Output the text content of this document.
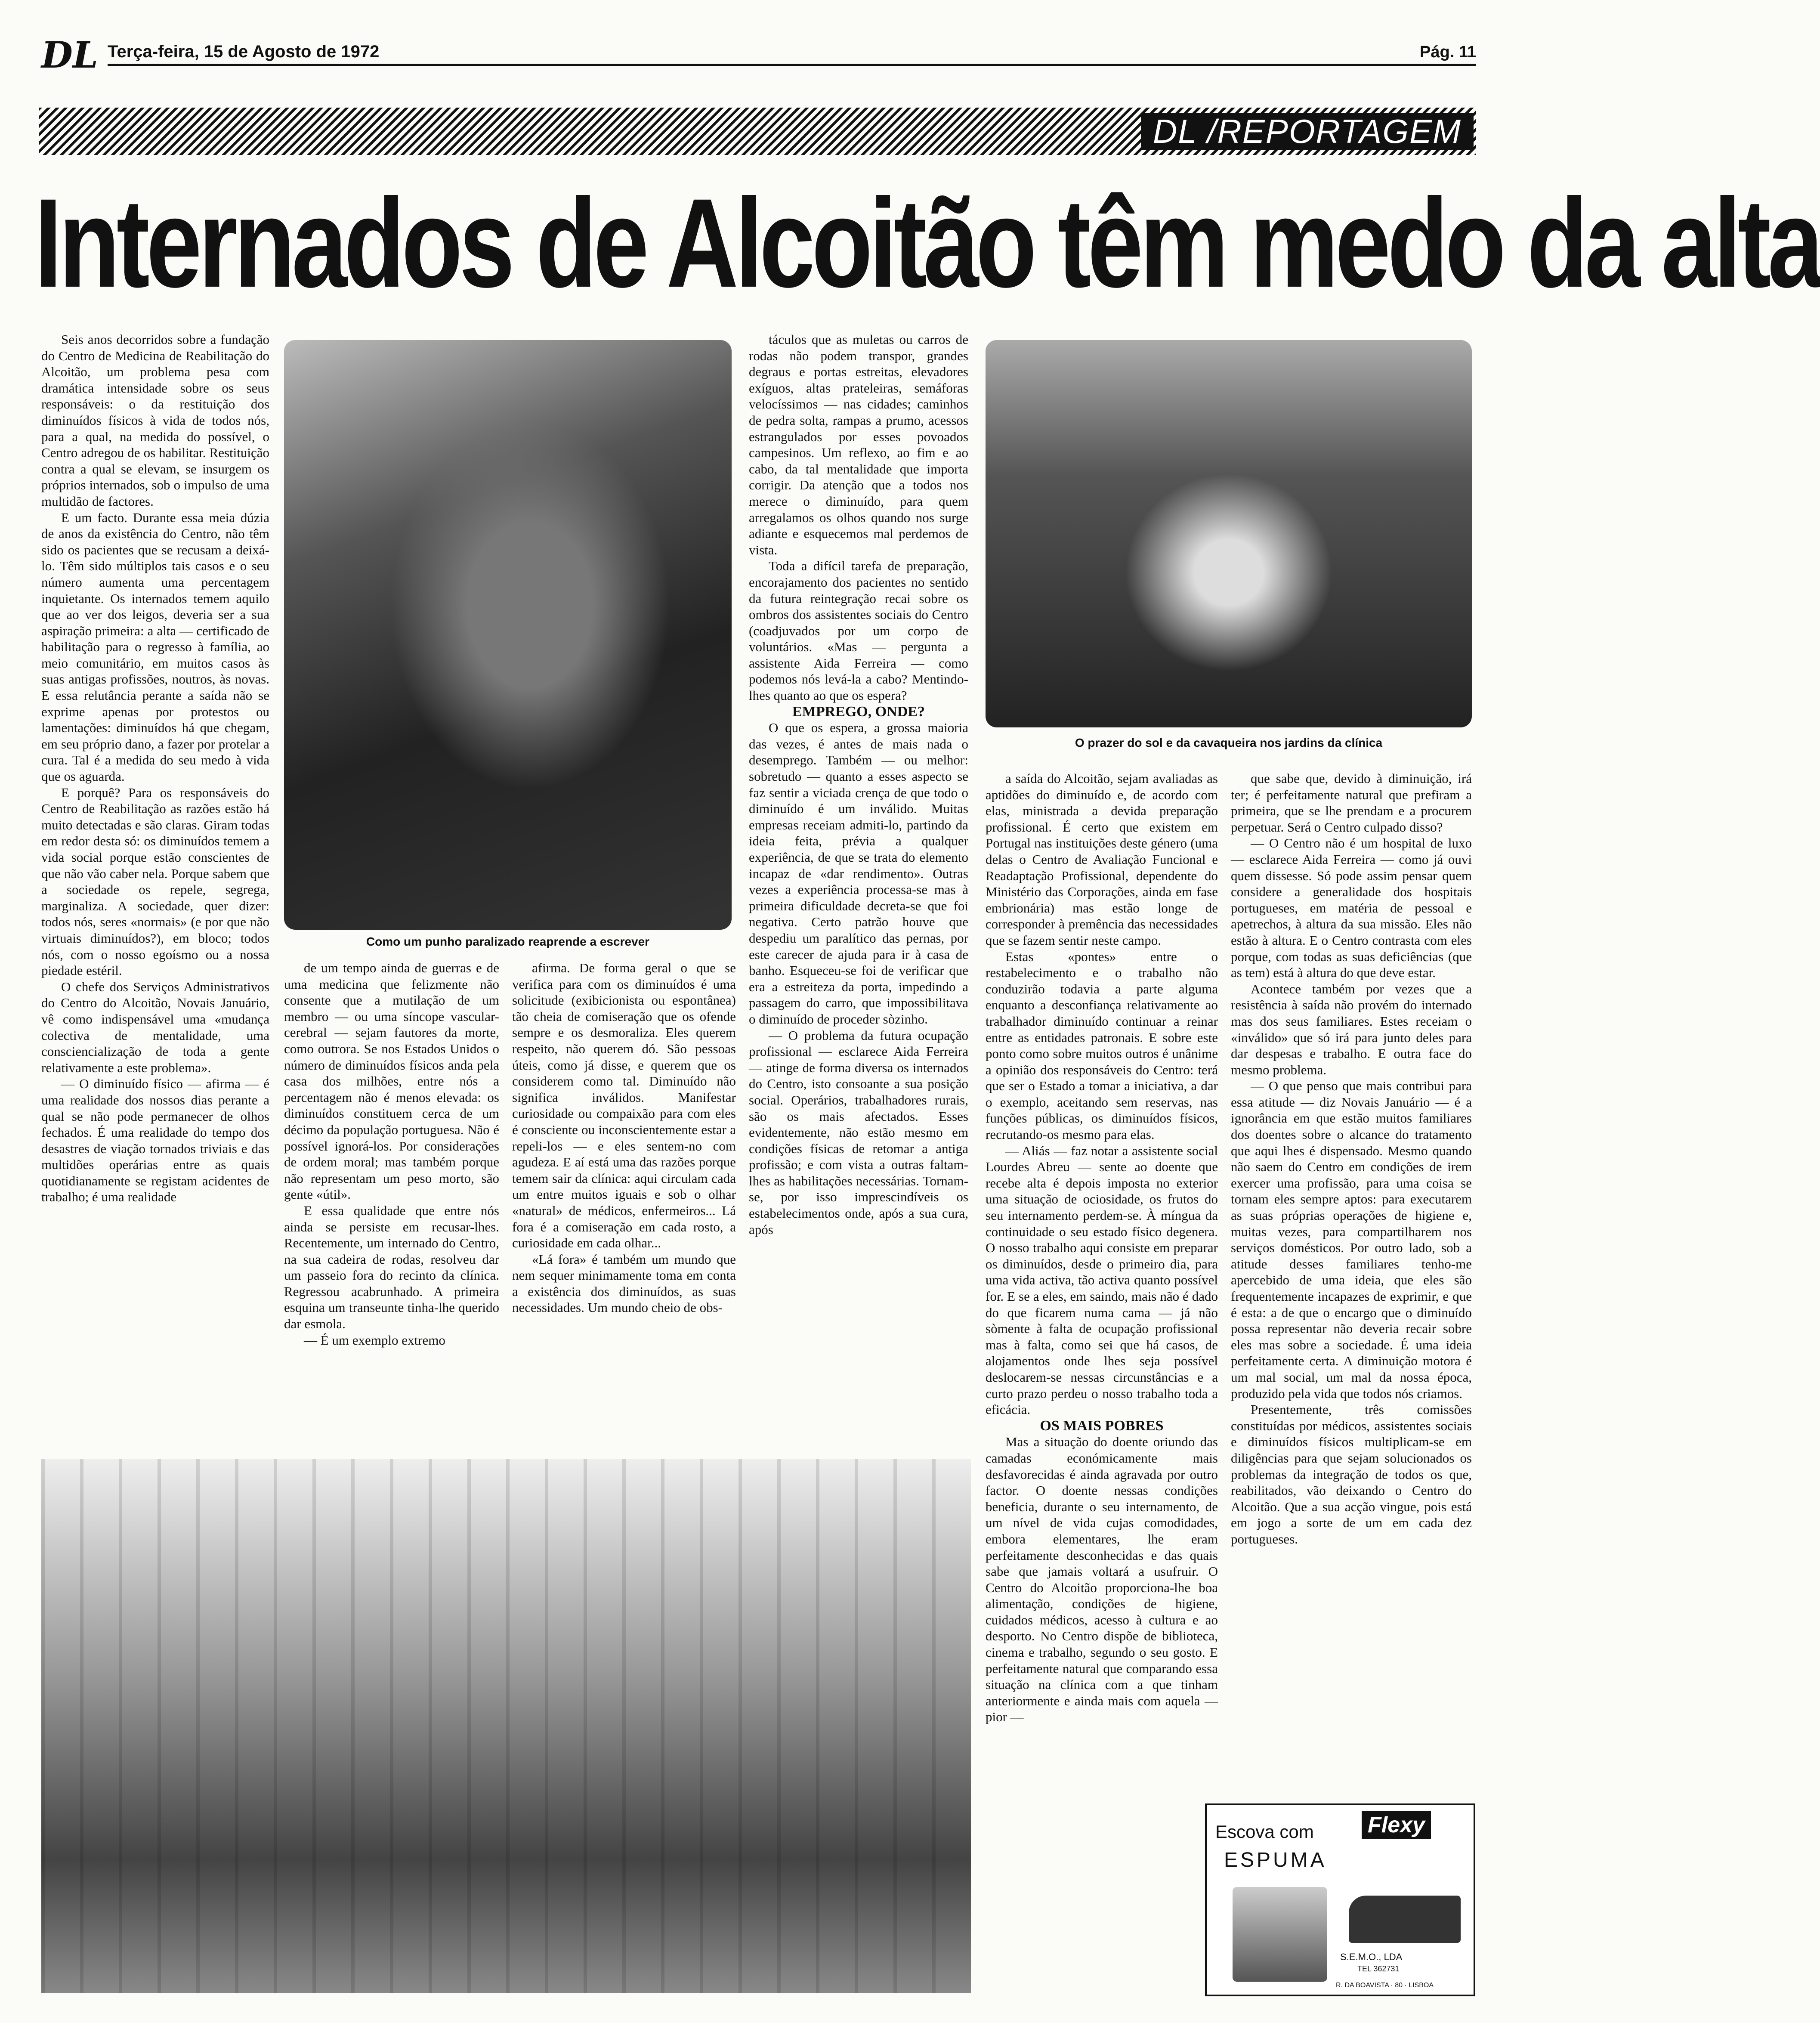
DL Terça-feira, 15 de Agosto de 1972	Pág. 11
DL /REPORTAGEM
Internados de Alcoitão têm medo da alta

Seis anos decorridos sobre a fundação do Centro de Medicina de Reabilitação do Alcoitão, um problema pesa com dramática intensidade sobre os seus responsáveis: o da restituição dos diminuídos físicos à vida de todos nós, para a qual, na medida do possível, o Centro adregou de os habilitar. Restituição contra a qual se elevam, se insurgem os próprios internados, sob o impulso de uma multidão de factores.

E um facto. Durante essa meia dúzia de anos da existência do Centro, não têm sido os pacientes que se recusam a deixá-lo. Têm sido múltiplos tais casos e o seu número aumenta uma percentagem inquietante. Os internados temem aquilo que ao ver dos leigos, deveria ser a sua aspiração primeira: a alta — certificado de habilitação para o regresso à família, ao meio comunitário, em muitos casos às suas antigas profissões, noutros, às novas. E essa relutância perante a saída não se exprime apenas por protestos ou lamentações: diminuídos há que chegam, em seu próprio dano, a fazer por protelar a cura. Tal é a medida do seu medo à vida que os aguarda.

E porquê? Para os responsáveis do Centro de Reabilitação as razões estão há muito detectadas e são claras. Giram todas em redor desta só: os diminuídos temem a vida social porque estão conscientes de que não vão caber nela. Porque sabem que a sociedade os repele, segrega, marginaliza. A sociedade, quer dizer: todos nós, seres «normais» (e por que não virtuais diminuídos?), em bloco; todos nós, com o nosso egoísmo ou a nossa piedade estéril.

O chefe dos Serviços Administrativos do Centro do Alcoitão, Novais Januário, vê como indispensável uma «mudança colectiva de mentalidade, uma consciencialização de toda a gente relativamente a este problema».

— O diminuído físico — afirma — é uma realidade dos nossos dias perante a qual se não pode permanecer de olhos fechados. É uma realidade do tempo dos desastres de viação tornados triviais e das multidões operárias entre as quais quotidianamente se registam acidentes de trabalho; é uma realidade

Como um punho paralizado reaprende a escrever

de um tempo ainda de guerras e de uma medicina que felizmente não consente que a mutilação de um membro — ou uma síncope vascular-cerebral — sejam fautores da morte, como outrora. Se nos Estados Unidos o número de diminuídos físicos anda pela casa dos milhões, entre nós a percentagem não é menos elevada: os diminuídos constituem cerca de um décimo da população portuguesa. Não é possível ignorá-los. Por considerações de ordem moral; mas também porque não representam um peso morto, são gente «útil».

E essa qualidade que entre nós ainda se persiste em recusar-lhes. Recentemente, um internado do Centro, na sua cadeira de rodas, resolveu dar um passeio fora do recinto da clínica. Regressou acabrunhado. A primeira esquina um transeunte tinha-lhe querido dar esmola.

— É um exemplo extremo

afirma. De forma geral o que se verifica para com os diminuídos é uma solicitude (exibicionista ou espontânea) tão cheia de comiseração que os ofende sempre e os desmoraliza. Eles querem respeito, não querem dó. São pessoas úteis, como já disse, e querem que os considerem como tal. Diminuído não significa inválidos. Manifestar curiosidade ou compaixão para com eles é consciente ou inconscientemente estar a repeli-los — e eles sentem-no com agudeza. E aí está uma das razões porque temem sair da clínica: aqui circulam cada um entre muitos iguais e sob o olhar «natural» de médicos, enfermeiros... Lá fora é a comiseração em cada rosto, a curiosidade em cada olhar...

«Lá fora» é também um mundo que nem sequer minimamente toma em conta a existência dos diminuídos, as suas necessidades. Um mundo cheio de obs-

táculos que as muletas ou carros de rodas não podem transpor, grandes degraus e portas estreitas, elevadores exíguos, altas prateleiras, semáforas velocíssimos — nas cidades; caminhos de pedra solta, rampas a prumo, acessos estrangulados por esses povoados campesinos. Um reflexo, ao fim e ao cabo, da tal mentalidade que importa corrigir. Da atenção que a todos nos merece o diminuído, para quem arregalamos os olhos quando nos surge adiante e esquecemos mal perdemos de vista.

Toda a difícil tarefa de preparação, encorajamento dos pacientes no sentido da futura reintegração recai sobre os ombros dos assistentes sociais do Centro (coadjuvados por um corpo de voluntários. «Mas — pergunta a assistente Aida Ferreira — como podemos nós levá-la a cabo? Mentindo-lhes quanto ao que os espera?

EMPREGO, ONDE?

O que os espera, a grossa maioria das vezes, é antes de mais nada o desemprego. Também — ou melhor: sobretudo — quanto a esses aspecto se faz sentir a viciada crença de que todo o diminuído é um inválido. Muitas empresas receiam admiti-lo, partindo da ideia feita, prévia a qualquer experiência, de que se trata do elemento incapaz de «dar rendimento». Outras vezes a experiência processa-se mas à primeira dificuldade decreta-se que foi negativa. Certo patrão houve que despediu um paralítico das pernas, por este carecer de ajuda para ir à casa de banho. Esqueceu-se foi de verificar que era a estreiteza da porta, impedindo a passagem do carro, que impossibilitava o diminuído de proceder sòzinho.

— O problema da futura ocupação profissional — esclarece Aida Ferreira — atinge de forma diversa os internados do Centro, isto consoante a sua posição social. Operários, trabalhadores rurais, são os mais afectados. Esses evidentemente, não estão mesmo em condições físicas de retomar a antiga profissão; e com vista a outras faltam-lhes as habilitações necessárias. Tornam-se, por isso imprescindíveis os estabelecimentos onde, após a sua cura, após

O prazer do sol e da cavaqueira nos jardins da clínica

a saída do Alcoitão, sejam avaliadas as aptidões do diminuído e, de acordo com elas, ministrada a devida preparação profissional. É certo que existem em Portugal nas instituições deste género (uma delas o Centro de Avaliação Funcional e Readaptação Profissional, dependente do Ministério das Corporações, ainda em fase embrionária) mas estão longe de corresponder à premência das necessidades que se fazem sentir neste campo.

Estas «pontes» entre o restabelecimento e o trabalho não conduzirão todavia a parte alguma enquanto a desconfiança relativamente ao trabalhador diminuído continuar a reinar entre as entidades patronais. E sobre este ponto como sobre muitos outros é unânime a opinião dos responsáveis do Centro: terá que ser o Estado a tomar a iniciativa, a dar o exemplo, aceitando sem reservas, nas funções públicas, os diminuídos físicos, recrutando-os mesmo para elas.

— Aliás — faz notar a assistente social Lourdes Abreu — sente ao doente que recebe alta é depois imposta no exterior uma situação de ociosidade, os frutos do seu internamento perdem-se. À míngua da continuidade o seu estado físico degenera. O nosso trabalho aqui consiste em preparar os diminuídos, desde o primeiro dia, para uma vida activa, tão activa quanto possível for. E se a eles, em saindo, mais não é dado do que ficarem numa cama — já não sòmente à falta de ocupação profissional mas à falta, como sei que há casos, de alojamentos onde lhes seja possível deslocarem-se nessas circunstâncias e a curto prazo perdeu o nosso trabalho toda a eficácia.

OS MAIS POBRES

Mas a situação do doente oriundo das camadas económicamente mais desfavorecidas é ainda agravada por outro factor. O doente nessas condições beneficia, durante o seu internamento, de um nível de vida cujas comodidades, embora elementares, lhe eram perfeitamente desconhecidas e das quais sabe que jamais voltará a usufruir. O Centro do Alcoitão proporciona-lhe boa alimentação, condições de higiene, cuidados médicos, acesso à cultura e ao desporto. No Centro dispõe de biblioteca, cinema e trabalho, segundo o seu gosto. E perfeitamente natural que comparando essa situação na clínica com a que tinham anteriormente e ainda mais com aquela — pior —

que sabe que, devido à diminuição, irá ter; é perfeitamente natural que prefiram a primeira, que se lhe prendam e a procurem perpetuar. Será o Centro culpado disso?

— O Centro não é um hospital de luxo — esclarece Aida Ferreira — como já ouvi quem dissesse. Só pode assim pensar quem considere a generalidade dos hospitais portugueses, em matéria de pessoal e apetrechos, à altura da sua missão. Eles não estão à altura. E o Centro contrasta com eles porque, com todas as suas deficiências (que as tem) está à altura do que deve estar.

Acontece também por vezes que a resistência à saída não provém do internado mas dos seus familiares. Estes receiam o «inválido» que só irá para junto deles para dar despesas e trabalho. E outra face do mesmo problema.

— O que penso que mais contribui para essa atitude — diz Novais Januário — é a ignorância em que estão muitos familiares dos doentes sobre o alcance do tratamento que aqui lhes é dispensado. Mesmo quando não saem do Centro em condições de irem exercer uma profissão, para uma coisa se tornam eles sempre aptos: para executarem as suas próprias operações de higiene e, muitas vezes, para compartilharem nos serviços domésticos. Por outro lado, sob a atitude desses familiares tenho-me apercebido de uma ideia, que eles são frequentemente incapazes de exprimir, e que é esta: a de que o encargo que o diminuído possa representar não deveria recair sobre eles mas sobre a sociedade. É uma ideia perfeitamente certa. A diminuição motora é um mal social, um mal da nossa época, produzido pela vida que todos nós criamos.

Presentemente, três comissões constituídas por médicos, assistentes sociais e diminuídos físicos multiplicam-se em diligências para que sejam solucionados os problemas da integração de todos os que, reabilitados, vão deixando o Centro do Alcoitão. Que a sua acção vingue, pois está em jogo a sorte de um em cada dez portugueses.

Escova com Flexy
ESPUMA
S.E.M.O., LDA
TEL 362731
R. DA BOAVISTA · 80 · LISBOA
